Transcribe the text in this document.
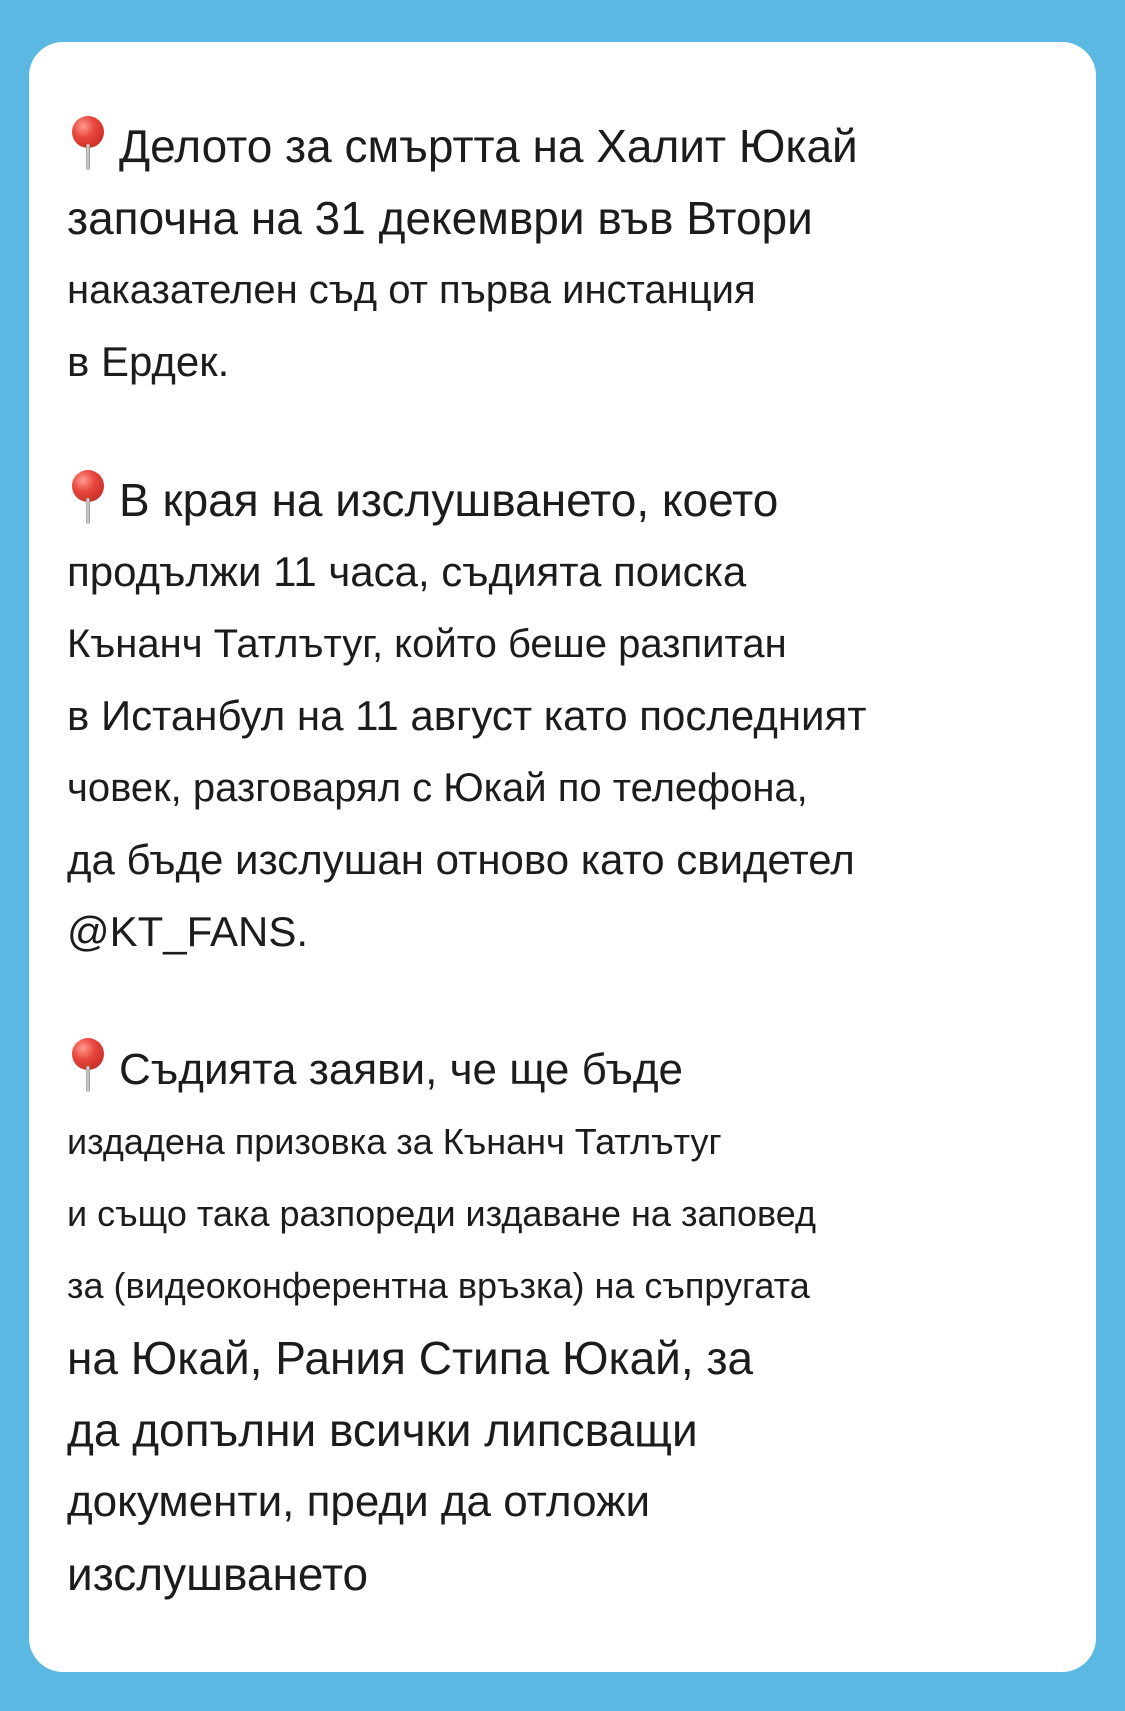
Делото за смъртта на Халит Юкай
започна на 31 декември във Втори
наказателен съд от първа инстанция
в Ердек.

В края на изслушването, което
продължи 11 часа, съдията поиска
Кънанч Татлътуг, който беше разпитан
в Истанбул на 11 август като последният
човек, разговарял с Юкай по телефона,
да бъде изслушан отново като свидетел
@KT_FANS.

Съдията заяви, че ще бъде
издадена призовка за Кънанч Татлътуг
и също така разпореди издаване на заповед
за (видеоконферентна връзка) на съпругата
на Юкай, Рания Стипа Юкай, за
да допълни всички липсващи
документи, преди да отложи
изслушването
